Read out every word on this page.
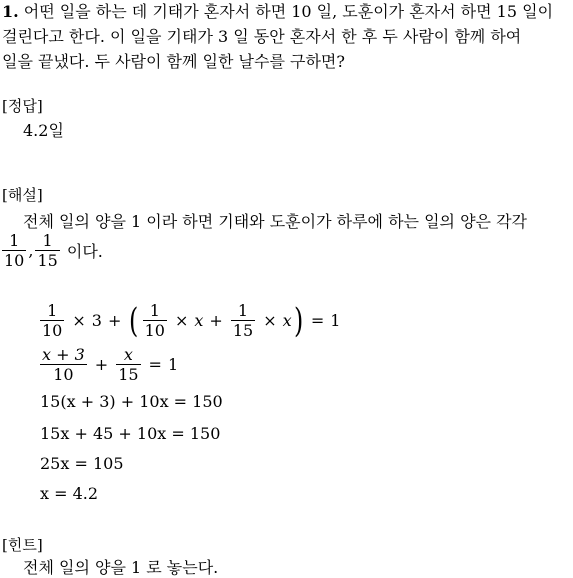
1. 어떤 일을 하는 데 기태가 혼자서 하면 10 일, 도훈이가 혼자서 하면 15 일이
걸린다고 한다. 이 일을 기태가 3 일 동안 혼자서 한 후 두 사람이 함께 하여
일을 끝냈다. 두 사람이 함께 일한 날수를 구하면?
[정답]
4.2일
[해설]
전체 일의 양을 1 이라 하면 기태와 도훈이가 하루에 하는 일의 양은 각각
$\frac{1}{10}$ , $\frac{1}{15}$ 이다.
$\frac{1}{10} \times 3$ + ( $\frac{1}{10} \times x + \frac{1}{15} \times x$ ) = 1
$\frac{x + 3}{10} + \frac{x}{15} = 1$
15(x + 3) + 10x = 150
15x + 45 + 10x = 150
25x = 105
x = 4.2
[힌트]
전체 일의 양을 1 로 놓는다.
